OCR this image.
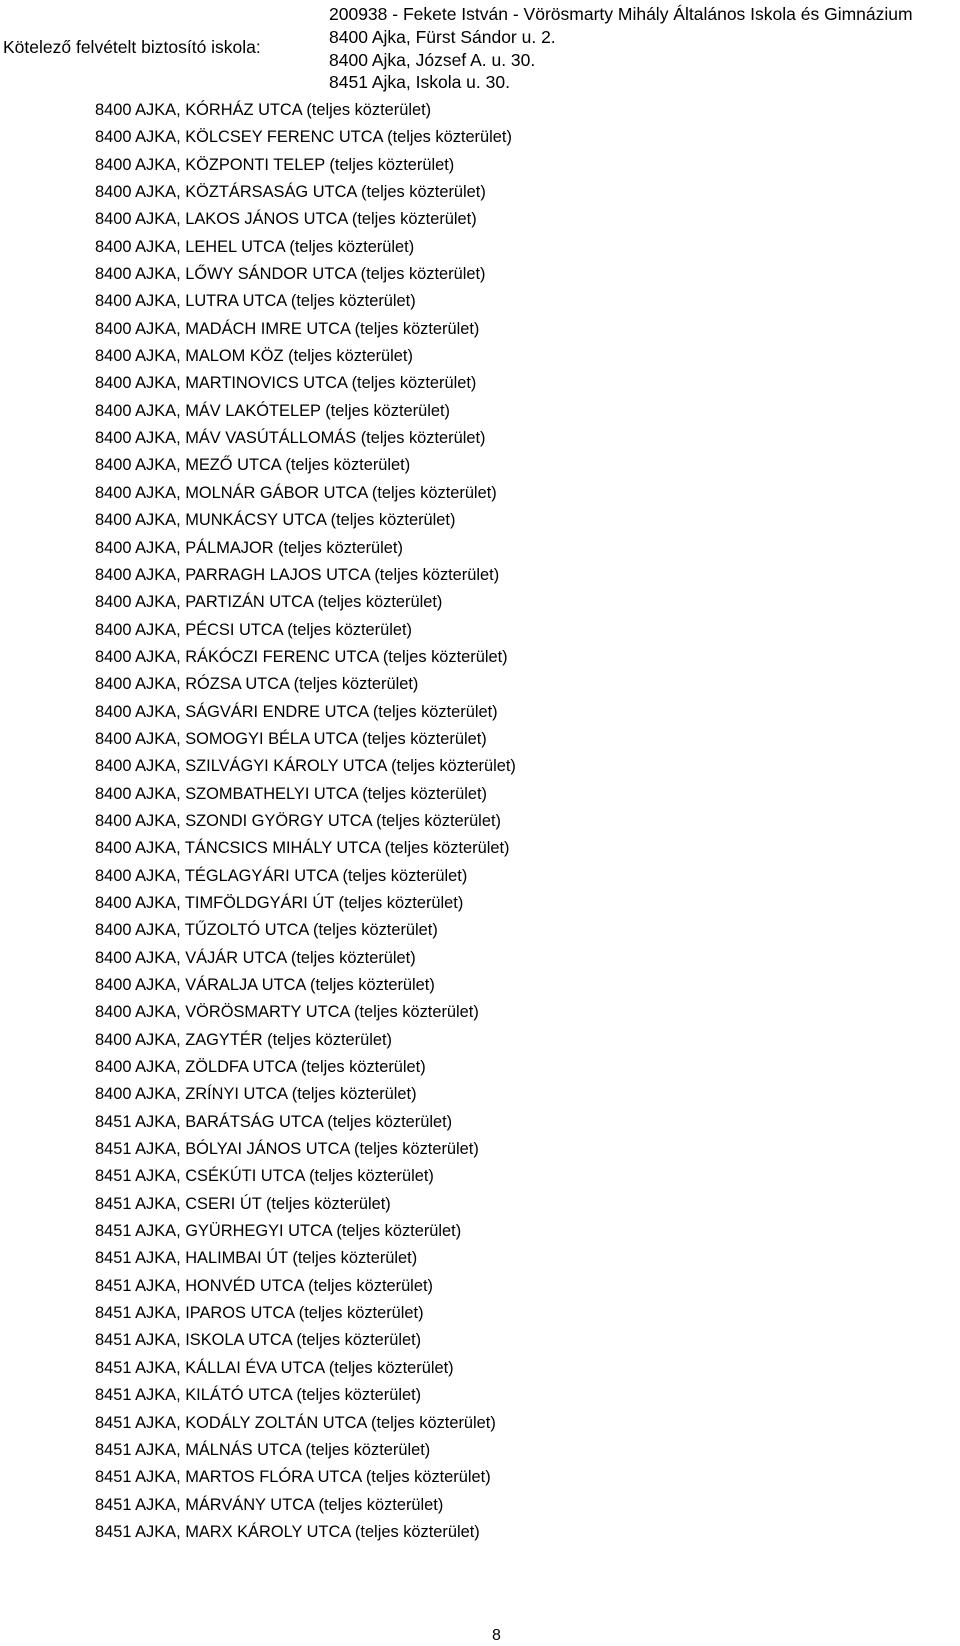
Kötelező felvételt biztosító iskola:
200938 - Fekete István - Vörösmarty Mihály Általános Iskola és Gimnázium
8400 Ajka, Fürst Sándor u. 2.
8400 Ajka, József A. u. 30.
8451 Ajka, Iskola u. 30.
8400 AJKA, KÓRHÁZ UTCA (teljes közterület)
8400 AJKA, KÖLCSEY FERENC UTCA (teljes közterület)
8400 AJKA, KÖZPONTI TELEP (teljes közterület)
8400 AJKA, KÖZTÁRSASÁG UTCA (teljes közterület)
8400 AJKA, LAKOS JÁNOS UTCA (teljes közterület)
8400 AJKA, LEHEL UTCA (teljes közterület)
8400 AJKA, LŐWY SÁNDOR UTCA (teljes közterület)
8400 AJKA, LUTRA UTCA (teljes közterület)
8400 AJKA, MADÁCH IMRE UTCA (teljes közterület)
8400 AJKA, MALOM KÖZ (teljes közterület)
8400 AJKA, MARTINOVICS UTCA (teljes közterület)
8400 AJKA, MÁV LAKÓTELEP (teljes közterület)
8400 AJKA, MÁV VASÚTÁLLOMÁS (teljes közterület)
8400 AJKA, MEZŐ UTCA (teljes közterület)
8400 AJKA, MOLNÁR GÁBOR UTCA (teljes közterület)
8400 AJKA, MUNKÁCSY UTCA (teljes közterület)
8400 AJKA, PÁLMAJOR (teljes közterület)
8400 AJKA, PARRAGH LAJOS UTCA (teljes közterület)
8400 AJKA, PARTIZÁN UTCA (teljes közterület)
8400 AJKA, PÉCSI UTCA (teljes közterület)
8400 AJKA, RÁKÓCZI FERENC UTCA (teljes közterület)
8400 AJKA, RÓZSA UTCA (teljes közterület)
8400 AJKA, SÁGVÁRI ENDRE UTCA (teljes közterület)
8400 AJKA, SOMOGYI BÉLA UTCA (teljes közterület)
8400 AJKA, SZILVÁGYI KÁROLY UTCA (teljes közterület)
8400 AJKA, SZOMBATHELYI UTCA (teljes közterület)
8400 AJKA, SZONDI GYÖRGY UTCA (teljes közterület)
8400 AJKA, TÁNCSICS MIHÁLY UTCA (teljes közterület)
8400 AJKA, TÉGLAGYÁRI UTCA (teljes közterület)
8400 AJKA, TIMFÖLDGYÁRI ÚT (teljes közterület)
8400 AJKA, TŰZOLTÓ UTCA (teljes közterület)
8400 AJKA, VÁJÁR UTCA (teljes közterület)
8400 AJKA, VÁRALJA UTCA (teljes közterület)
8400 AJKA, VÖRÖSMARTY UTCA (teljes közterület)
8400 AJKA, ZAGYTÉR (teljes közterület)
8400 AJKA, ZÖLDFA UTCA (teljes közterület)
8400 AJKA, ZRÍNYI UTCA (teljes közterület)
8451 AJKA, BARÁTSÁG UTCA (teljes közterület)
8451 AJKA, BÓLYAI JÁNOS UTCA (teljes közterület)
8451 AJKA, CSÉKÚTI UTCA (teljes közterület)
8451 AJKA, CSERI ÚT (teljes közterület)
8451 AJKA, GYÜRHEGYI UTCA (teljes közterület)
8451 AJKA, HALIMBAI ÚT (teljes közterület)
8451 AJKA, HONVÉD UTCA (teljes közterület)
8451 AJKA, IPAROS UTCA (teljes közterület)
8451 AJKA, ISKOLA UTCA (teljes közterület)
8451 AJKA, KÁLLAI ÉVA UTCA (teljes közterület)
8451 AJKA, KILÁTÓ UTCA (teljes közterület)
8451 AJKA, KODÁLY ZOLTÁN UTCA (teljes közterület)
8451 AJKA, MÁLNÁS UTCA (teljes közterület)
8451 AJKA, MARTOS FLÓRA UTCA (teljes közterület)
8451 AJKA, MÁRVÁNY UTCA (teljes közterület)
8451 AJKA, MARX KÁROLY UTCA (teljes közterület)
8
